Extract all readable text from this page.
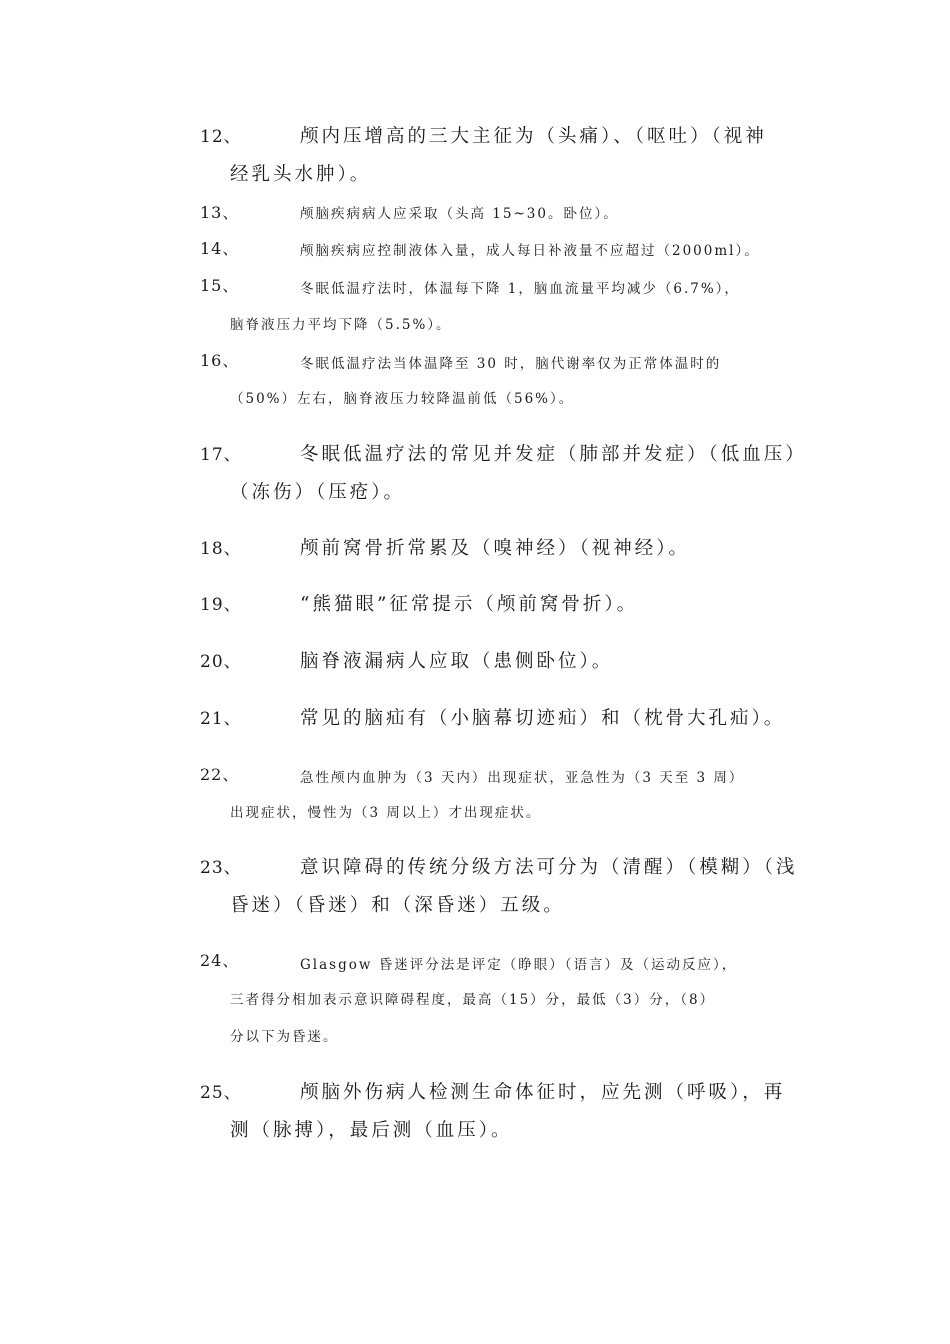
12、	颅内压增高的三大主征为（头痛）、（呕吐）（视神
经乳头水肿）。
13、	颅脑疾病病人应采取（头高 15~30。卧位）。
14、	颅脑疾病应控制液体入量，成人每日补液量不应超过（2000ml）。
15、	冬眠低温疗法时，体温每下降 1，脑血流量平均减少（6.7%），
脑脊液压力平均下降（5.5%）。
16、	冬眠低温疗法当体温降至 30 时，脑代谢率仅为正常体温时的
（50%）左右，脑脊液压力较降温前低（56%）。
17、	冬眠低温疗法的常见并发症（肺部并发症）（低血压）
（冻伤）（压疮）。
18、	颅前窝骨折常累及（嗅神经）（视神经）。
19、	“熊猫眼”征常提示（颅前窝骨折）。
20、	脑脊液漏病人应取（患侧卧位）。
21、	常见的脑疝有（小脑幕切迹疝）和（枕骨大孔疝）。
22、	急性颅内血肿为（3 天内）出现症状，亚急性为（3 天至 3 周）
出现症状，慢性为（3 周以上）才出现症状。
23、	意识障碍的传统分级方法可分为（清醒）（模糊）（浅
昏迷）（昏迷）和（深昏迷）五级。
24、	Glasgow 昏迷评分法是评定（睁眼）（语言）及（运动反应），
三者得分相加表示意识障碍程度，最高（15）分，最低（3）分，（8）
分以下为昏迷。
25、	颅脑外伤病人检测生命体征时，应先测（呼吸），再
测（脉搏），最后测（血压）。
